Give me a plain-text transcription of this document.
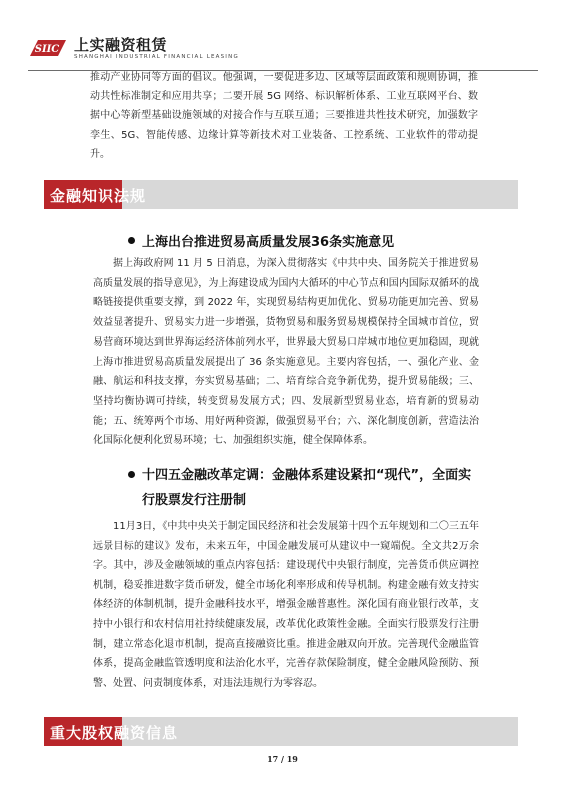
SIIC 上实融资租赁
SHANGHAI INDUSTRIAL FINANCIAL LEASING
推动产业协同等方面的倡议。他强调，一要促进多边、区域等层面政策和规则协调，推动共性标准制定和应用共享；二要开展 5G 网络、标识解析体系、工业互联网平台、数据中心等新型基础设施领域的对接合作与互联互通；三要推进共性技术研究，加强数字孪生、5G、智能传感、边缘计算等新技术对工业装备、工控系统、工业软件的带动提升。
金融知识法规
上海出台推进贸易高质量发展36条实施意见
据上海政府网 11 月 5 日消息，为深入贯彻落实《中共中央、国务院关于推进贸易高质量发展的指导意见》，为上海建设成为国内大循环的中心节点和国内国际双循环的战略链接提供重要支撑，到 2022 年，实现贸易结构更加优化、贸易功能更加完善、贸易效益显著提升、贸易实力进一步增强，货物贸易和服务贸易规模保持全国城市首位，贸易营商环境达到世界海运经济体前列水平，世界最大贸易口岸城市地位更加稳固，现就上海市推进贸易高质量发展提出了 36 条实施意见。主要内容包括，一、强化产业、金融、航运和科技支撑，夯实贸易基础；二、培育综合竞争新优势，提升贸易能级；三、坚持均衡协调可持续，转变贸易发展方式；四、发展新型贸易业态，培育新的贸易动能；五、统筹两个市场、用好两种资源，做强贸易平台；六、深化制度创新，营造法治化国际化便利化贸易环境；七、加强组织实施，健全保障体系。
十四五金融改革定调：金融体系建设紧扣“现代”，全面实
行股票发行注册制
11月3日，《中共中央关于制定国民经济和社会发展第十四个五年规划和二〇三五年远景目标的建议》发布，未来五年，中国金融发展可从建议中一窥端倪。全文共2万余字。其中，涉及金融领域的重点内容包括：建设现代中央银行制度，完善货币供应调控机制，稳妥推进数字货币研发，健全市场化利率形成和传导机制。构建金融有效支持实体经济的体制机制，提升金融科技水平，增强金融普惠性。深化国有商业银行改革，支持中小银行和农村信用社持续健康发展，改革优化政策性金融。全面实行股票发行注册制，建立常态化退市机制，提高直接融资比重。推进金融双向开放。完善现代金融监管体系，提高金融监管透明度和法治化水平，完善存款保险制度，健全金融风险预防、预警、处置、问责制度体系，对违法违规行为零容忍。
重大股权融资信息
17 / 19
